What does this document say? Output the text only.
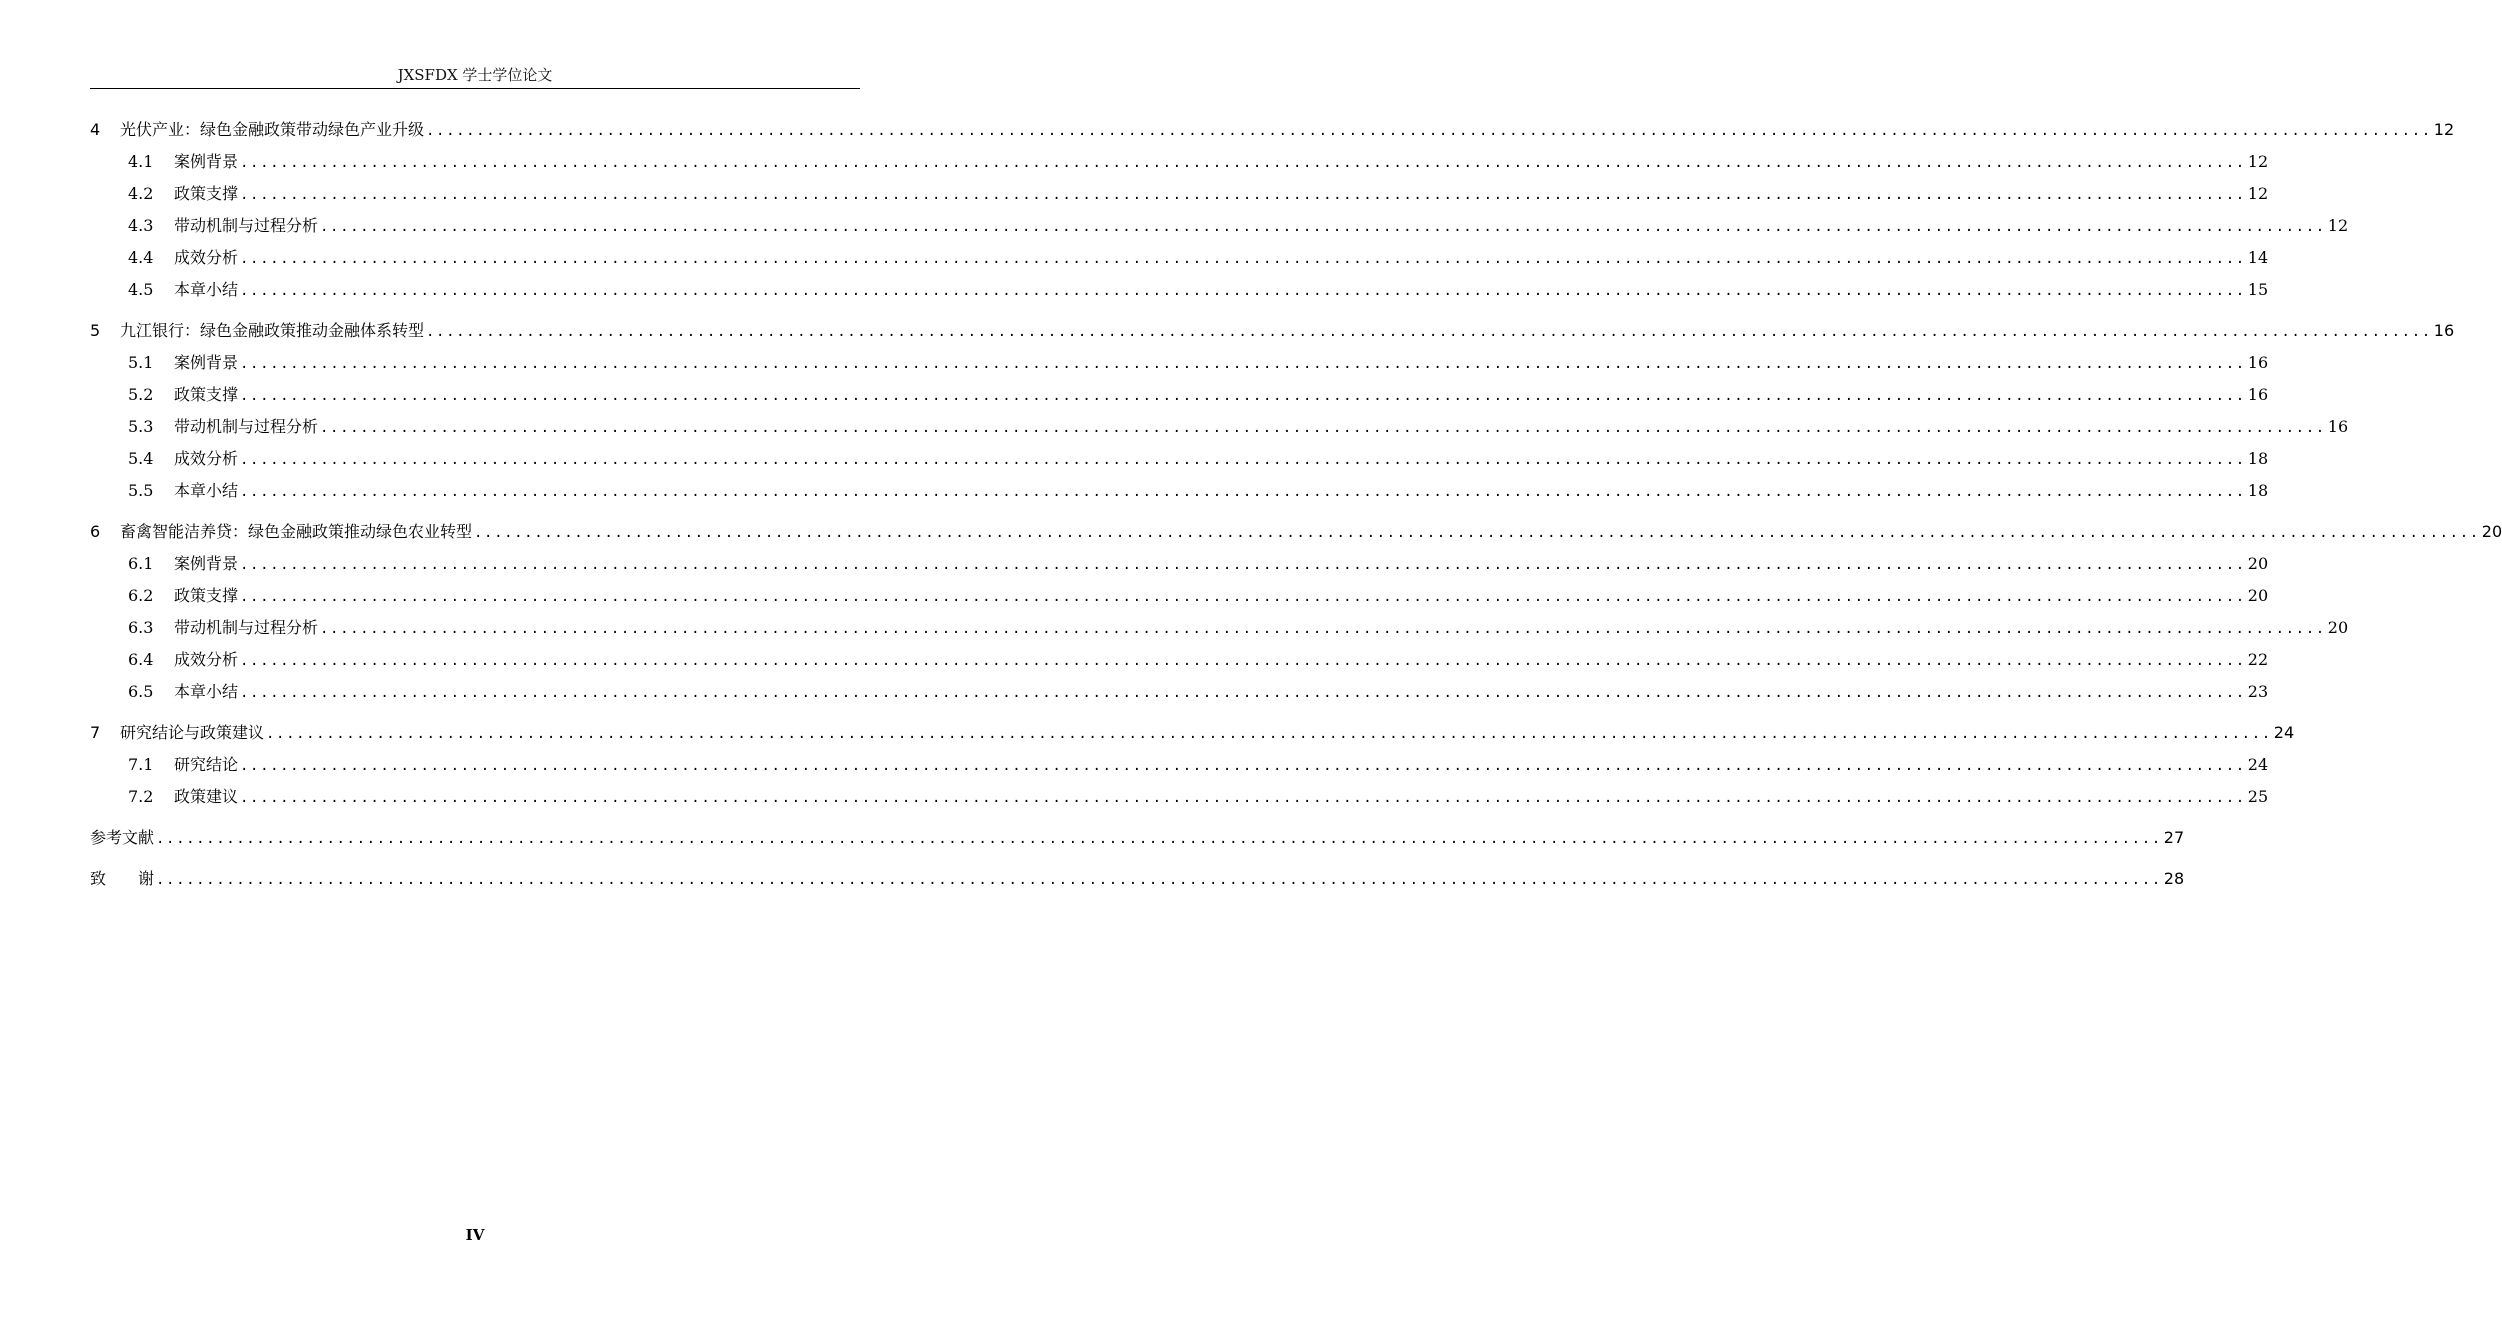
JXSFDX 学士学位论文
4	光伏产业：绿色金融政策带动绿色产业升级 ........................................................................................................................................................................................................ 12
4.1	案例背景 ........................................................................................................................................................................................................ 12
4.2	政策支撑 ........................................................................................................................................................................................................ 12
4.3	带动机制与过程分析 ........................................................................................................................................................................................................ 12
4.4	成效分析 ........................................................................................................................................................................................................ 14
4.5	本章小结 ........................................................................................................................................................................................................ 15
5	九江银行：绿色金融政策推动金融体系转型 ........................................................................................................................................................................................................ 16
5.1	案例背景 ........................................................................................................................................................................................................ 16
5.2	政策支撑 ........................................................................................................................................................................................................ 16
5.3	带动机制与过程分析 ........................................................................................................................................................................................................ 16
5.4	成效分析 ........................................................................................................................................................................................................ 18
5.5	本章小结 ........................................................................................................................................................................................................ 18
6	畜禽智能洁养贷：绿色金融政策推动绿色农业转型 ........................................................................................................................................................................................................ 20
6.1	案例背景 ........................................................................................................................................................................................................ 20
6.2	政策支撑 ........................................................................................................................................................................................................ 20
6.3	带动机制与过程分析 ........................................................................................................................................................................................................ 20
6.4	成效分析 ........................................................................................................................................................................................................ 22
6.5	本章小结 ........................................................................................................................................................................................................ 23
7	研究结论与政策建议 ........................................................................................................................................................................................................ 24
7.1	研究结论 ........................................................................................................................................................................................................ 24
7.2	政策建议 ........................................................................................................................................................................................................ 25
参考文献 ........................................................................................................................................................................................................ 27
致　　谢 ........................................................................................................................................................................................................ 28
IV
